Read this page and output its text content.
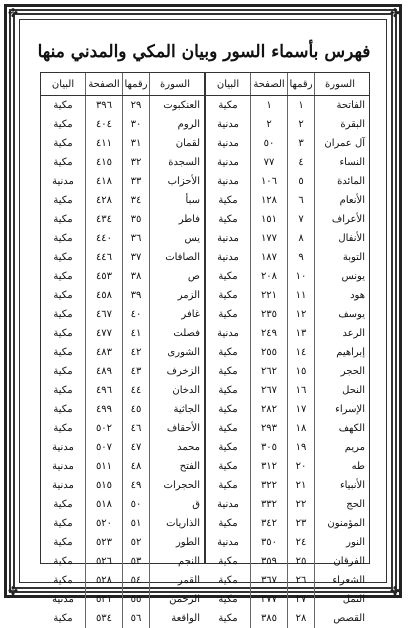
✤	✤
✤	✤
فهرس بأسماء السور وبيان المكي والمدني منها
السورة
رقمها
الصفحة
البيان
الفاتحة
١
١
مكية
البقرة
٢
٢
مدنية
آل عمران
٣
٥٠
مدنية
النساء
٤
٧٧
مدنية
المائدة
٥
١٠٦
مدنية
الأنعام
٦
١٢٨
مكية
الأعراف
٧
١٥١
مكية
الأنفال
٨
١٧٧
مدنية
التوبة
٩
١٨٧
مدنية
يونس
١٠
٢٠٨
مكية
هود
١١
٢٢١
مكية
يوسف
١٢
٢٣٥
مكية
الرعد
١٣
٢٤٩
مدنية
إبراهيم
١٤
٢٥٥
مكية
الحجر
١٥
٢٦٢
مكية
النحل
١٦
٢٦٧
مكية
الإسراء
١٧
٢٨٢
مكية
الكهف
١٨
٢٩٣
مكية
مريم
١٩
٣٠٥
مكية
طه
٢٠
٣١٢
مكية
الأنبياء
٢١
٣٢٢
مكية
الحج
٢٢
٣٣٢
مدنية
المؤمنون
٢٣
٣٤٢
مكية
النور
٢٤
٣٥٠
مدنية
الفرقان
٢٥
٣٥٩
مكية
الشعراء
٢٦
٣٦٧
مكية
النمل
٢٧
٣٧٧
مكية
القصص
٢٨
٣٨٥
مكية
السورة
رقمها
الصفحة
البيان
العنكبوت
٢٩
٣٩٦
مكية
الروم
٣٠
٤٠٤
مكية
لقمان
٣١
٤١١
مكية
السجدة
٣٢
٤١٥
مكية
الأحزاب
٣٣
٤١٨
مدنية
سبأ
٣٤
٤٢٨
مكية
فاطر
٣٥
٤٣٤
مكية
يس
٣٦
٤٤٠
مكية
الصافات
٣٧
٤٤٦
مكية
ص
٣٨
٤٥٣
مكية
الزمر
٣٩
٤٥٨
مكية
غافر
٤٠
٤٦٧
مكية
فصلت
٤١
٤٧٧
مكية
الشورى
٤٢
٤٨٣
مكية
الزخرف
٤٣
٤٨٩
مكية
الدخان
٤٤
٤٩٦
مكية
الجاثية
٤٥
٤٩٩
مكية
الأحقاف
٤٦
٥٠٢
مكية
محمد
٤٧
٥٠٧
مدنية
الفتح
٤٨
٥١١
مدنية
الحجرات
٤٩
٥١٥
مدنية
ق
٥٠
٥١٨
مكية
الذاريات
٥١
٥٢٠
مكية
الطور
٥٢
٥٢٣
مكية
النجم
٥٣
٥٢٦
مكية
القمر
٥٤
٥٢٨
مكية
الرحمن
٥٥
٥٣١
مدنية
الواقعة
٥٦
٥٣٤
مكية
